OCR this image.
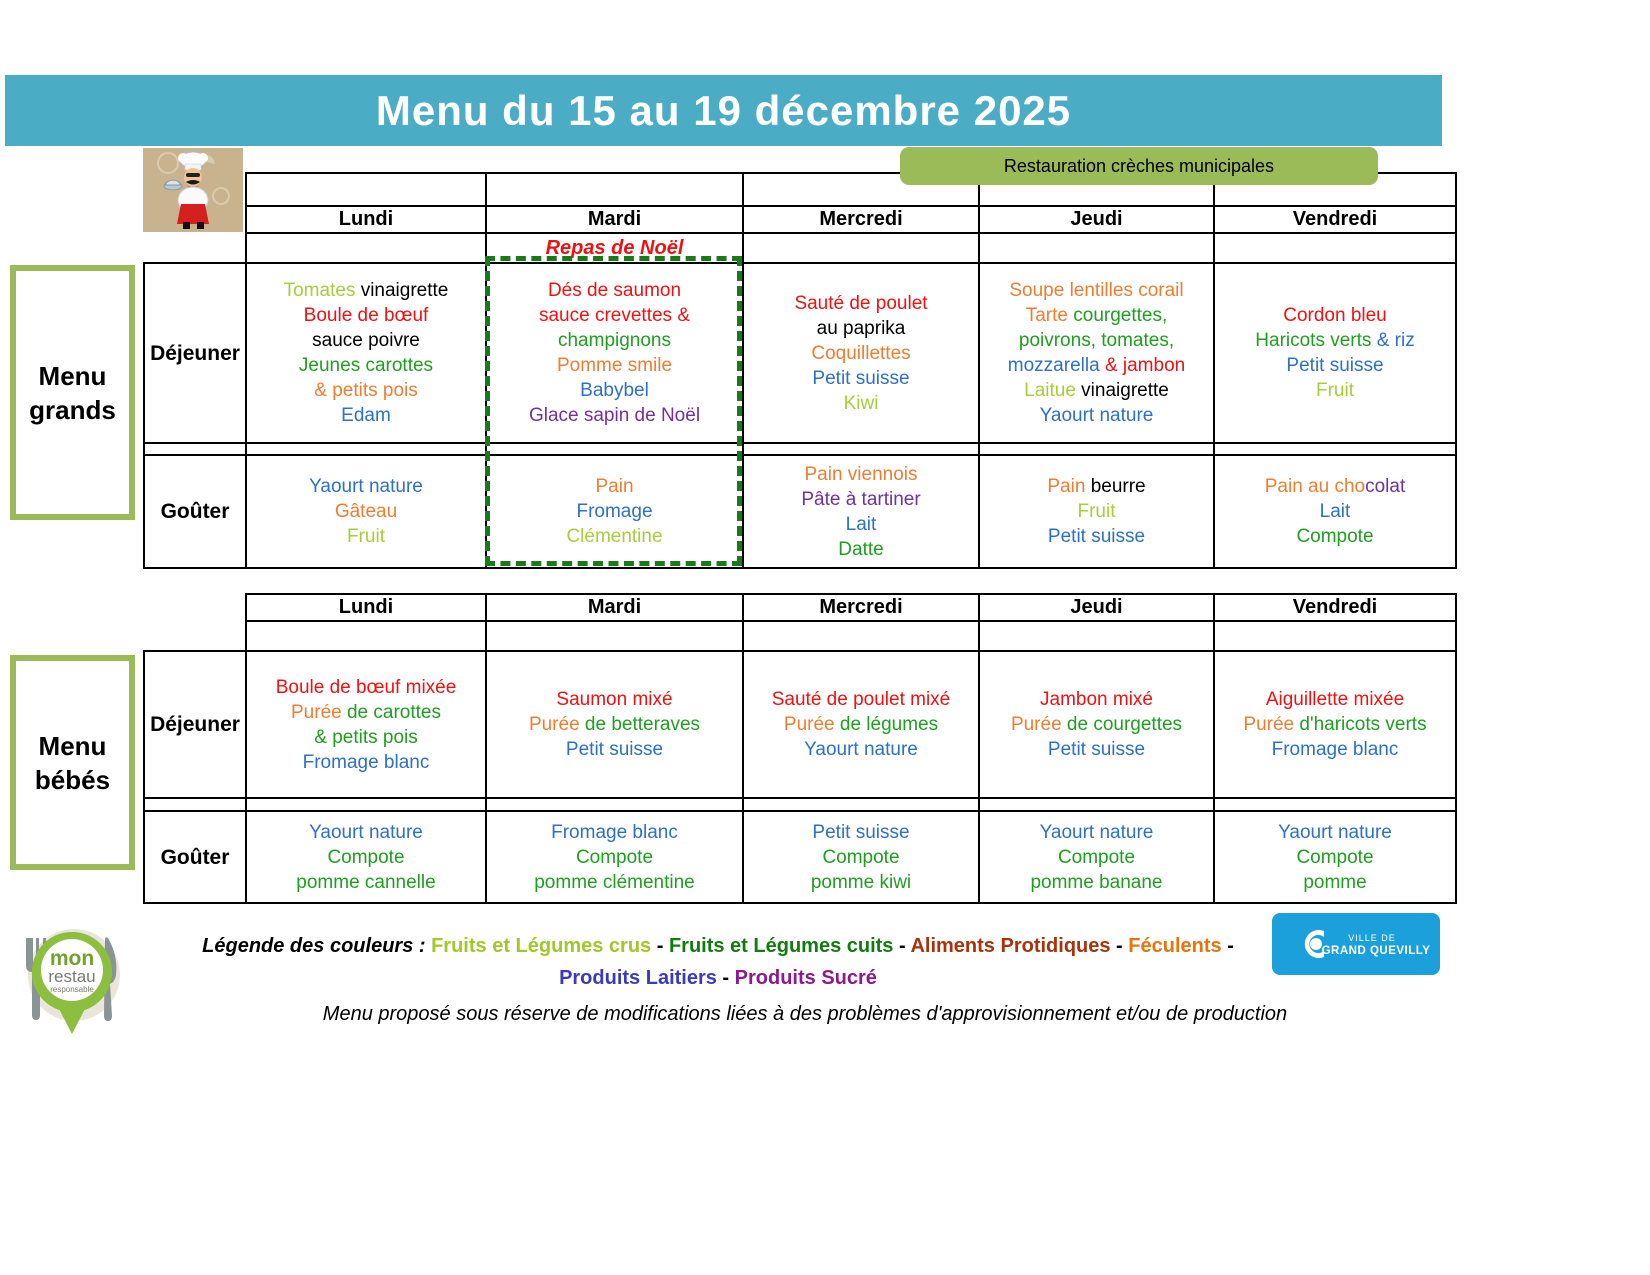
Menu du 15 au 19 décembre 2025
Restauration crèches municipales

	Lundi	Mardi	Mercredi	Jeudi	Vendredi
		Repas de Noël			
Déjeuner	
Tomates vinaigrette
Boule de bœuf
sauce poivre
Jeunes carottes
& petits pois
Edam

Dés de saumon
sauce crevettes &
champignons
Pomme smile
Babybel
Glace sapin de Noël

Sauté de poulet
au paprika
Coquillettes
Petit suisse
Kiwi

Soupe lentilles corail
Tarte courgettes,
poivrons, tomates,
mozzarella & jambon
Laitue vinaigrette
Yaourt nature

Cordon bleu
Haricots verts & riz
Petit suisse
Fruit

Goûter	
Yaourt nature
Gâteau
Fruit

Pain
Fromage
Clémentine

Pain viennois
Pâte à tartiner
Lait
Datte

Pain beurre
Fruit
Petit suisse

Pain au chocolat
Lait
Compote
Menu
grands
	Lundi	Mardi	Mercredi	Jeudi	Vendredi

Déjeuner	
Boule de bœuf mixée
Purée de carottes
& petits pois
Fromage blanc

Saumon mixé
Purée de betteraves
Petit suisse

Sauté de poulet mixé
Purée de légumes
Yaourt nature

Jambon mixé
Purée de courgettes
Petit suisse

Aiguillette mixée
Purée d'haricots verts
Fromage blanc

Goûter	
Yaourt nature
Compote
pomme cannelle

Fromage blanc
Compote
pomme clémentine

Petit suisse
Compote
pomme kiwi

Yaourt nature
Compote
pomme banane

Yaourt nature
Compote
pomme
Menu
bébés
Légende des couleurs : Fruits et Légumes crus - Fruits et Légumes cuits - Aliments Protidiques - Féculents -
Produits Laitiers - Produits Sucré
mon
restau
responsable
VILLE DE
GRAND QUEVILLY
Menu proposé sous réserve de modifications liées à des problèmes d'approvisionnement et/ou de production
